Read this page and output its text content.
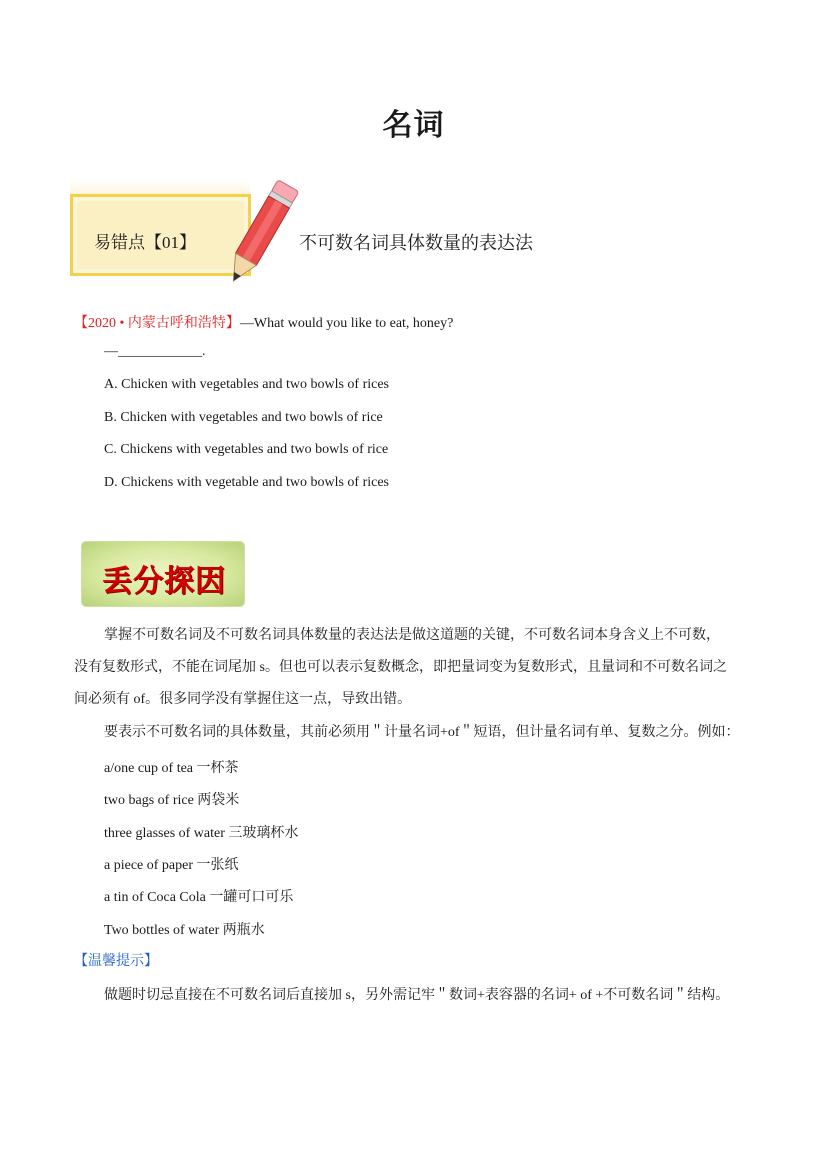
名词
易错点【01】	不可数名词具体数量的表达法
【2020 • 内蒙古呼和浩特】—What would you like to eat, honey?
—____________.
A. Chicken with vegetables and two bowls of rices
B. Chicken with vegetables and two bowls of rice
C. Chickens with vegetables and two bowls of rice
D. Chickens with vegetable and two bowls of rices
丢分探因
掌握不可数名词及不可数名词具体数量的表达法是做这道题的关键，不可数名词本身含义上不可数，
没有复数形式，不能在词尾加 s。但也可以表示复数概念，即把量词变为复数形式，且量词和不可数名词之
间必须有 of。很多同学没有掌握住这一点，导致出错。
要表示不可数名词的具体数量，其前必须用＂计量名词+of＂短语，但计量名词有单、复数之分。例如：
a/one cup of tea 一杯茶
two bags of rice 两袋米
three glasses of water 三玻璃杯水
a piece of paper 一张纸
a tin of Coca Cola 一罐可口可乐
Two bottles of water 两瓶水
【温馨提示】
做题时切忌直接在不可数名词后直接加 s，另外需记牢＂数词+表容器的名词+ of +不可数名词＂结构。
